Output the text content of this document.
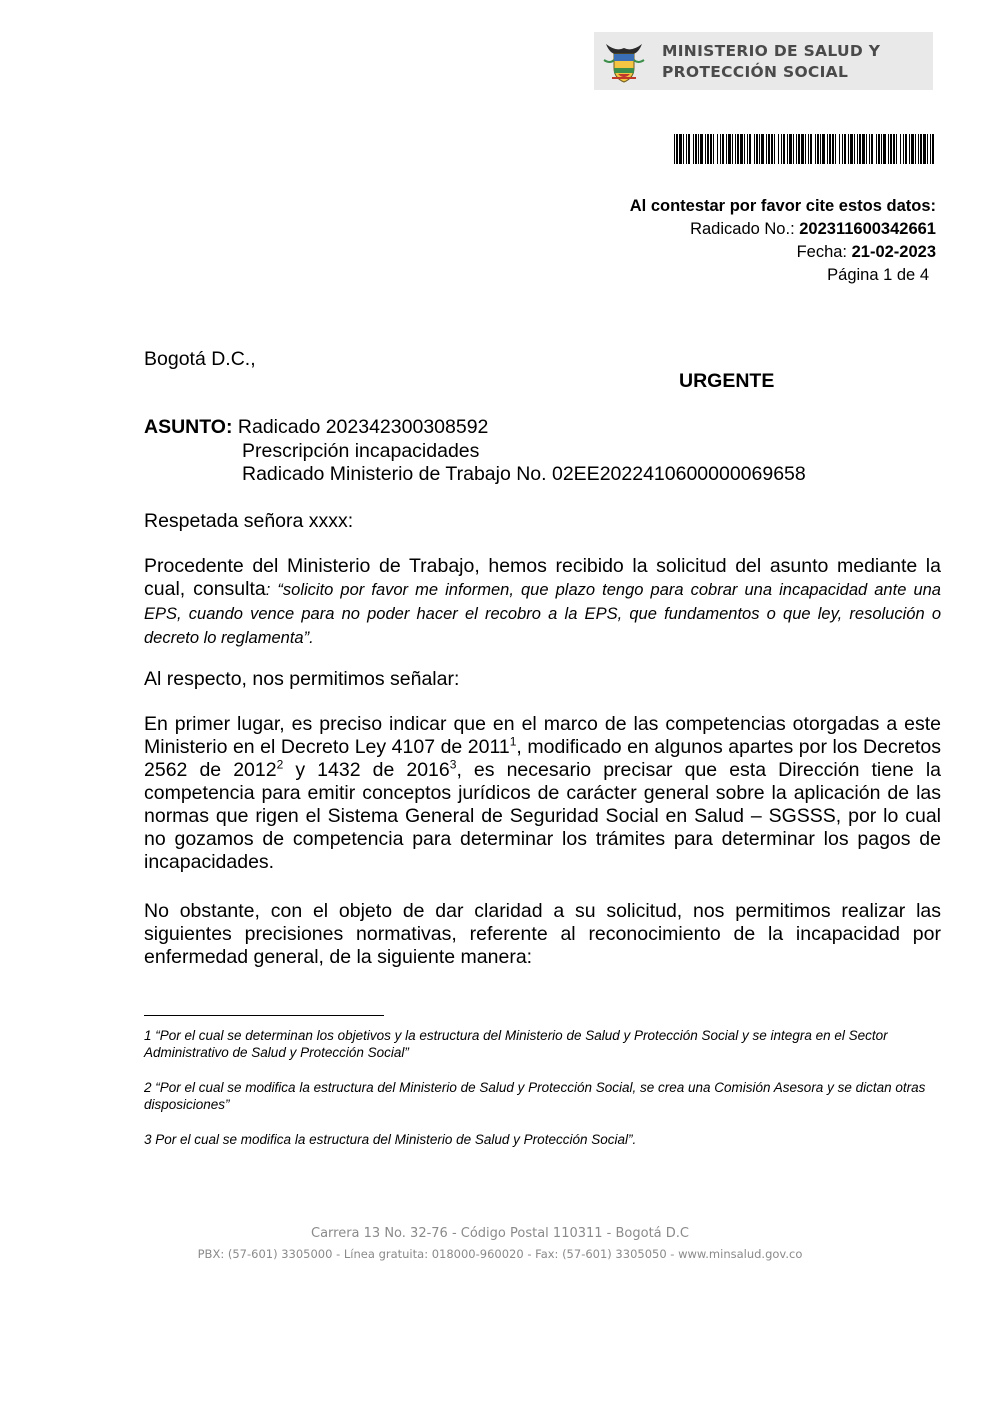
MINISTERIO DE SALUD Y
PROTECCIÓN SOCIAL
Al contestar por favor cite estos datos:
Radicado No.: 202311600342661
Fecha: 21-02-2023
Página 1 de 4
Bogotá D.C.,
URGENTE
ASUNTO: Radicado 202342300308592
Prescripción incapacidades
Radicado Ministerio de Trabajo No. 02EE2022410600000069658
Respetada señora xxxx:
Procedente del Ministerio de Trabajo, hemos recibido la solicitud del asunto mediante la cual, consulta: “solicito por favor me informen, que plazo tengo para cobrar una incapacidad ante una EPS, cuando vence para no poder hacer el recobro a la EPS, que fundamentos o que ley, resolución o decreto lo reglamenta”.
Al respecto, nos permitimos señalar:
En primer lugar, es preciso indicar que en el marco de las competencias otorgadas a este Ministerio en el Decreto Ley 4107 de 2011$^1$, modificado en algunos apartes por los Decretos 2562 de 2012$^2$ y 1432 de 2016$^3$, es necesario precisar que esta Dirección tiene la competencia para emitir conceptos jurídicos de carácter general sobre la aplicación de las normas que rigen el Sistema General de Seguridad Social en Salud – SGSSS, por lo cual no gozamos de competencia para determinar los trámites para determinar los pagos de incapacidades.
No obstante, con el objeto de dar claridad a su solicitud, nos permitimos realizar las siguientes precisiones normativas, referente al reconocimiento de la incapacidad por enfermedad general, de la siguiente manera:
1 “Por el cual se determinan los objetivos y la estructura del Ministerio de Salud y Protección Social y se integra en el Sector Administrativo de Salud y Protección Social”
2 “Por el cual se modifica la estructura del Ministerio de Salud y Protección Social, se crea una Comisión Asesora y se dictan otras disposiciones”
3 Por el cual se modifica la estructura del Ministerio de Salud y Protección Social”.
Carrera 13 No. 32-76 - Código Postal 110311 - Bogotá D.C
PBX: (57-601) 3305000 - Línea gratuita: 018000-960020 - Fax: (57-601) 3305050 - www.minsalud.gov.co
